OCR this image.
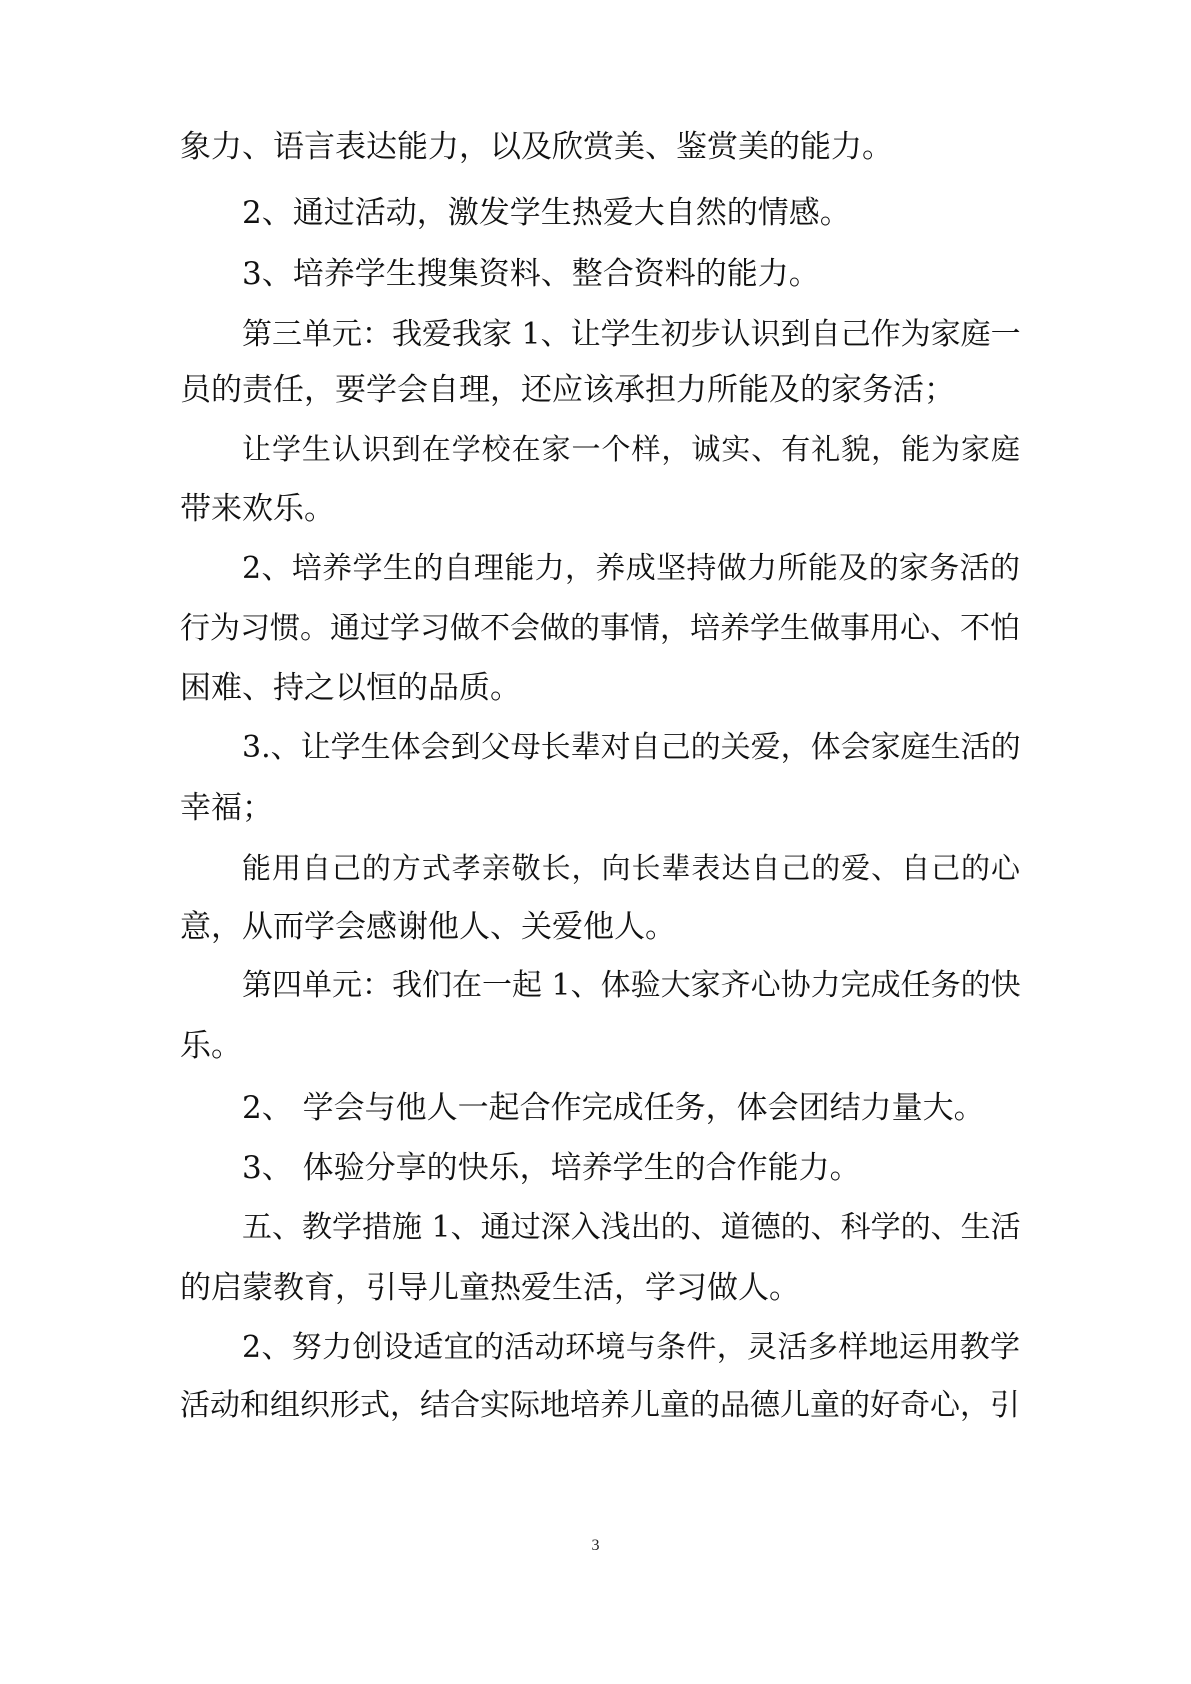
象力、语言表达能力，以及欣赏美、鉴赏美的能力。
2、通过活动，激发学生热爱大自然的情感。
3、培养学生搜集资料、整合资料的能力。
第三单元：我爱我家 1、让学生初步认识到自己作为家庭一
员的责任，要学会自理，还应该承担力所能及的家务活；
让学生认识到在学校在家一个样，诚实、有礼貌，能为家庭
带来欢乐。
2、培养学生的自理能力，养成坚持做力所能及的家务活的
行为习惯。通过学习做不会做的事情，培养学生做事用心、不怕
困难、持之以恒的品质。
3.、让学生体会到父母长辈对自己的关爱，体会家庭生活的
幸福；
能用自己的方式孝亲敬长，向长辈表达自己的爱、自己的心
意，从而学会感谢他人、关爱他人。
第四单元：我们在一起 1、体验大家齐心协力完成任务的快
乐。
2、 学会与他人一起合作完成任务，体会团结力量大。
3、 体验分享的快乐，培养学生的合作能力。
五、教学措施 1、通过深入浅出的、道德的、科学的、生活
的启蒙教育，引导儿童热爱生活，学习做人。
2、努力创设适宜的活动环境与条件，灵活多样地运用教学
活动和组织形式，结合实际地培养儿童的品德儿童的好奇心，引
3
